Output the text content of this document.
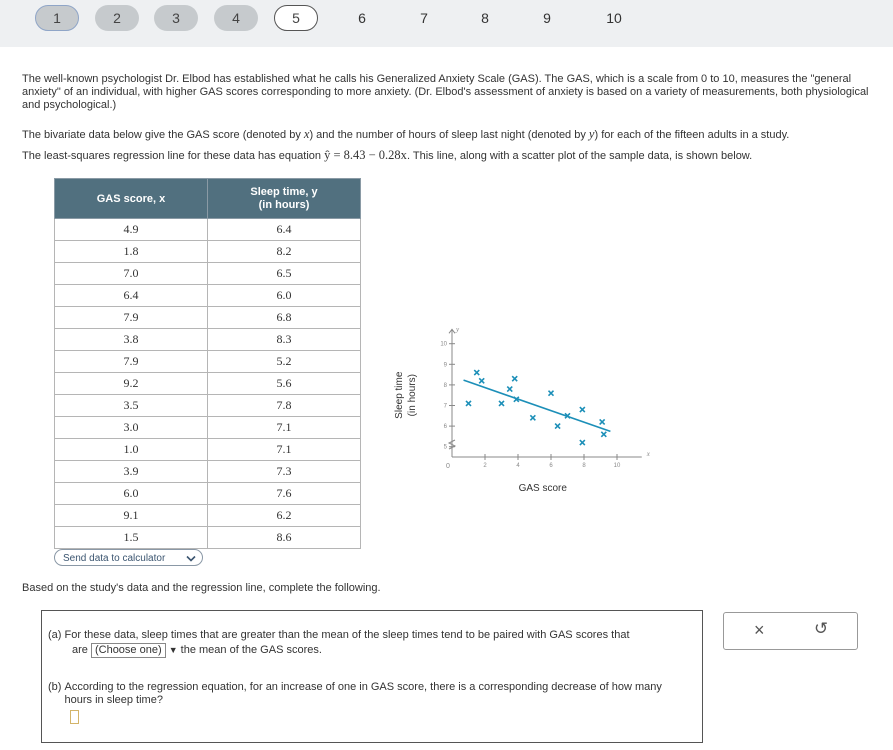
1	2	3	4	5	6	7	8	9	10
The well-known psychologist Dr. Elbod has established what he calls his Generalized Anxiety Scale (GAS). The GAS, which is a scale from 0 to 10, measures the "general anxiety" of an individual, with higher GAS scores corresponding to more anxiety. (Dr. Elbod's assessment of anxiety is based on a variety of measurements, both physiological and psychological.)
The bivariate data below give the GAS score (denoted by x) and the number of hours of sleep last night (denoted by y) for each of the fifteen adults in a study.
The least-squares regression line for these data has equation ŷ = 8.43 − 0.28x. This line, along with a scatter plot of the sample data, is shown below.
GAS score, x	Sleep time, y
(in hours)
4.9	6.4
1.8	8.2
7.0	6.5
6.4	6.0
7.9	6.8
3.8	8.3
7.9	5.2
9.2	5.6
3.5	7.8
3.0	7.1
1.0	7.1
3.9	7.3
6.0	7.6
9.1	6.2
1.5	8.6
Send data to calculator
5
6
7
8
9
10
2	4	6	8	10
0
x
y
GAS score
Sleep time (in hours)
Based on the study's data and the regression line, complete the following.
(a) For these data, sleep times that are greater than the mean of the sleep times tend to be paired with GAS scores that
are (Choose one) ▼ the mean of the GAS scores.
(b) According to the regression equation, for an increase of one in GAS score, there is a corresponding decrease of how many hours in sleep time?
×	↺
